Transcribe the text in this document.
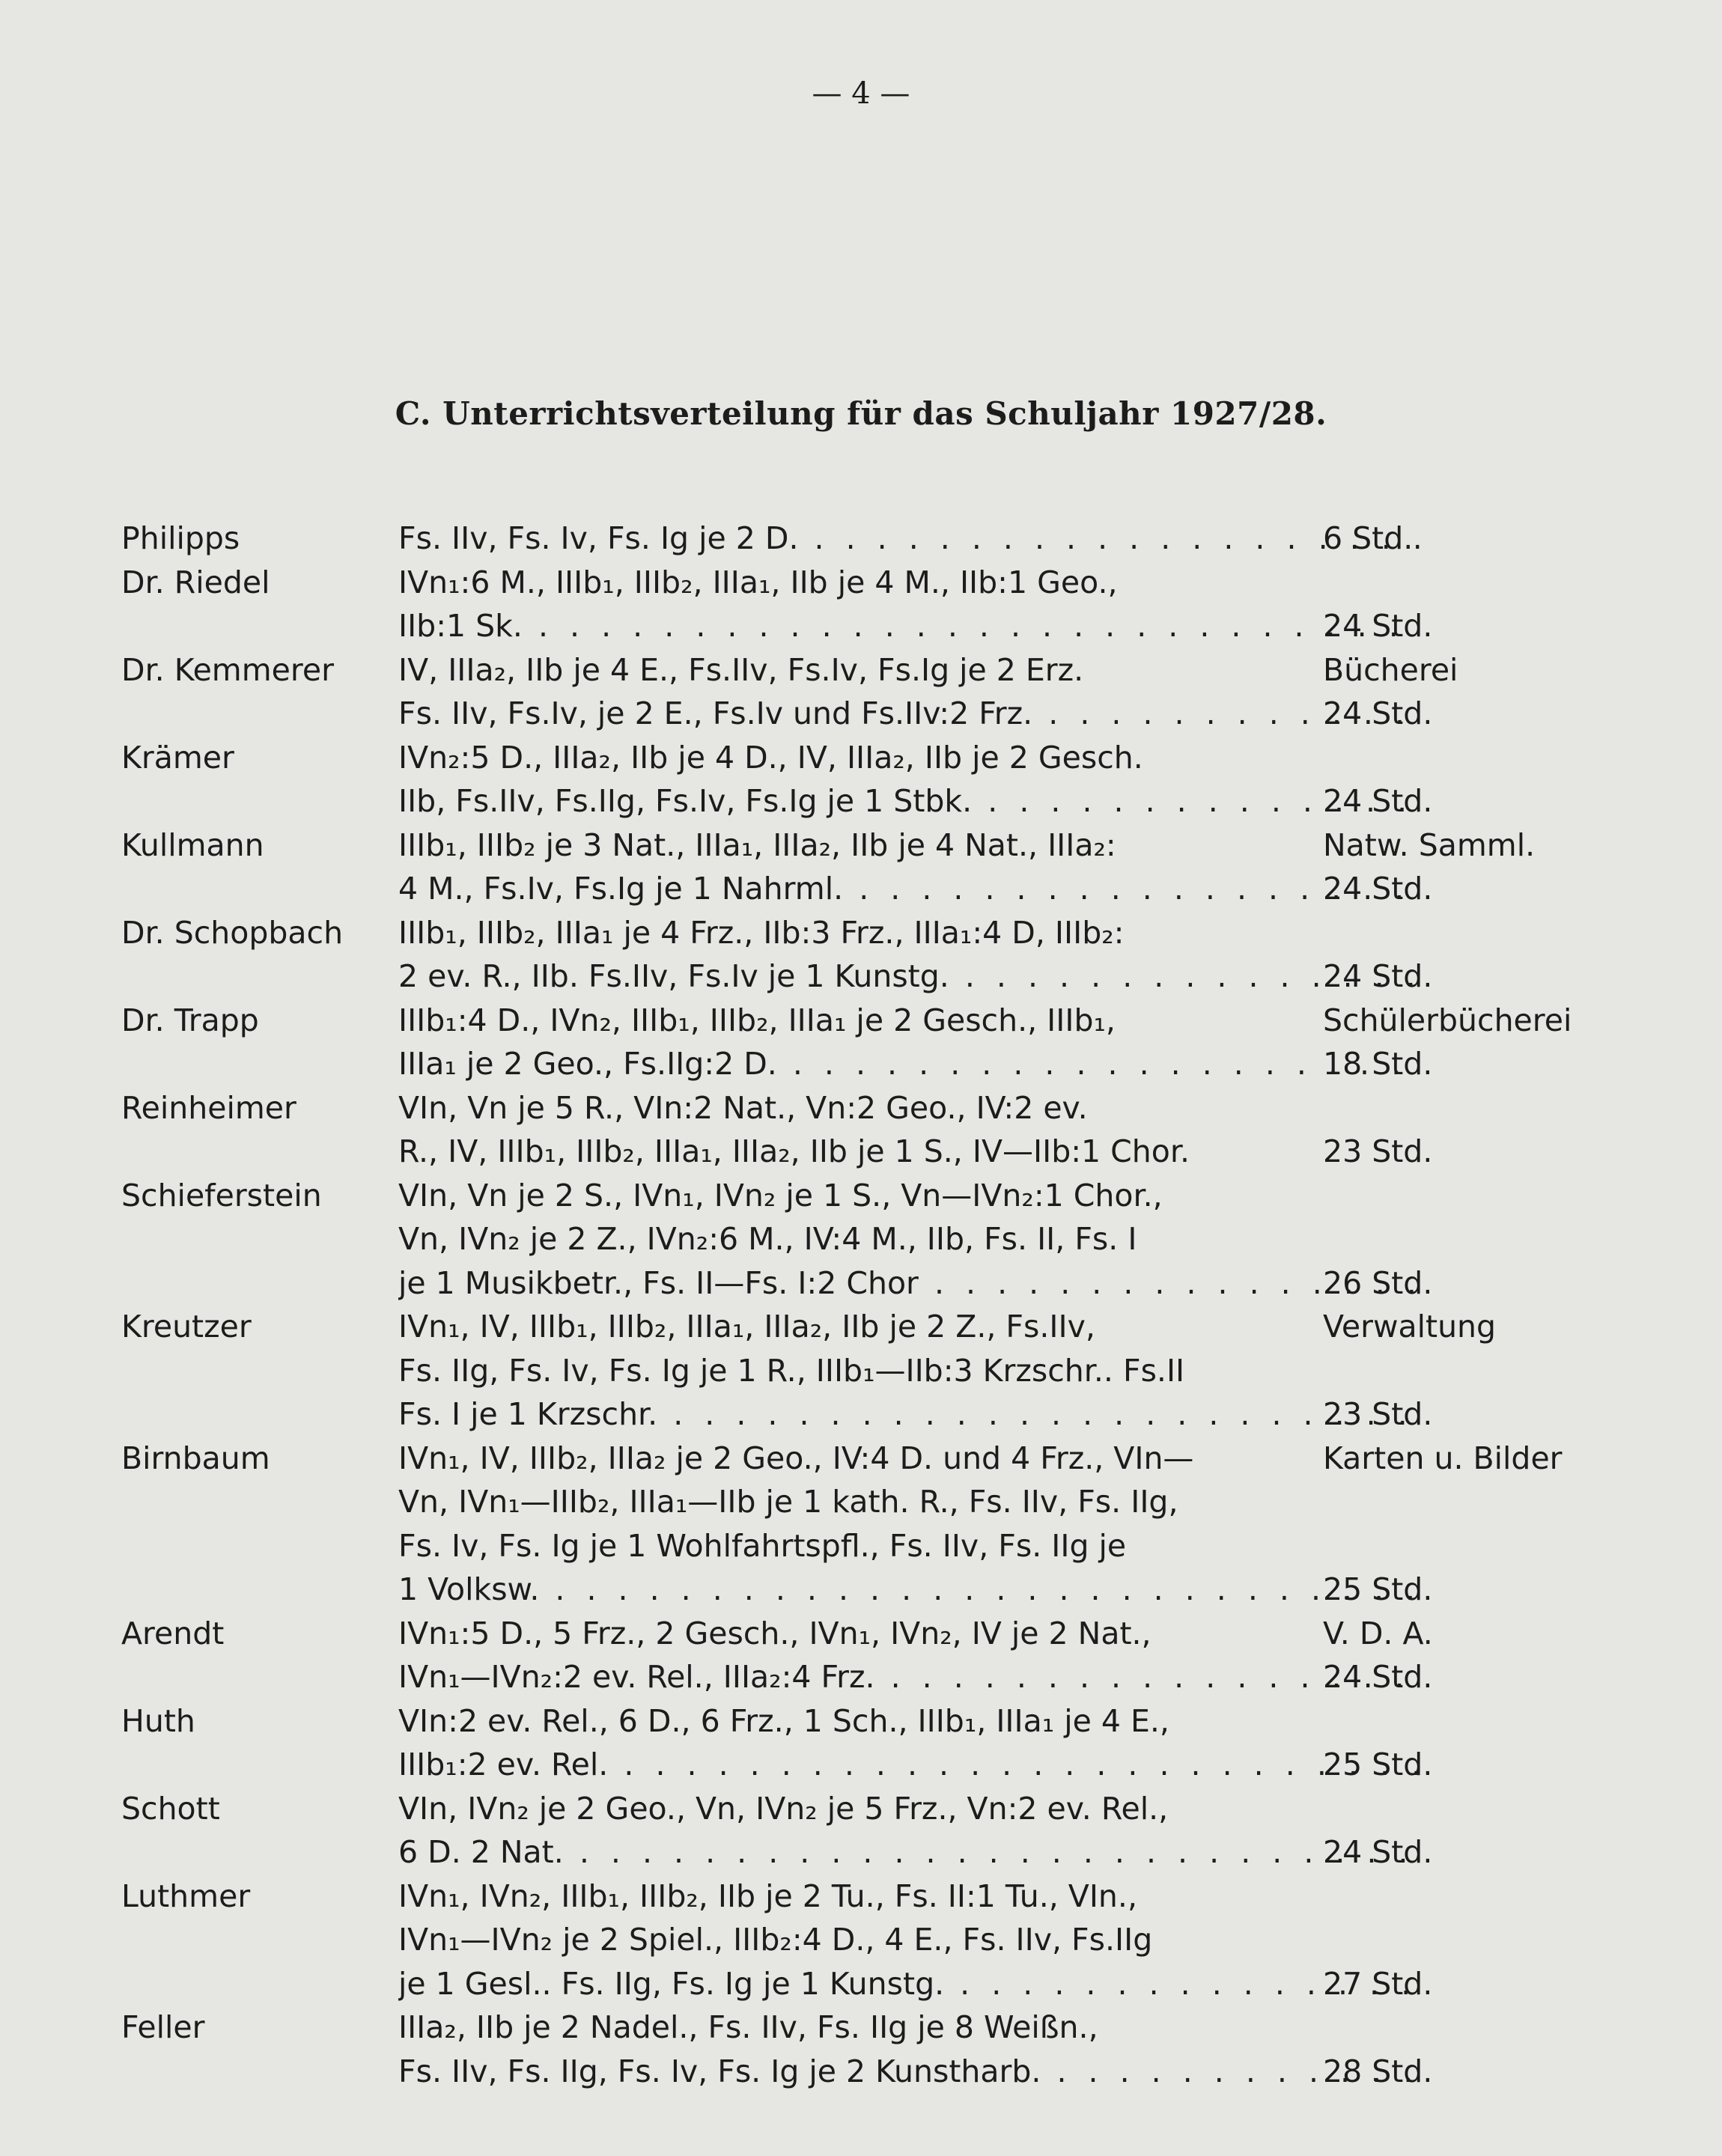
— 4 —
C. Unterrichtsverteilung für das Schuljahr 1927/28.
Philipps	Fs. IIv, Fs. Iv, Fs. Ig je 2 D. . . .	6 Std.
Dr. Riedel	IVn₁:6 M., IIIb₁, IIIb₂, IIIa₁, IIb je 4 M., IIb:1 Geo.,
IIb:1 Sk. . . .	24 Std.
Dr. Kemmerer	IV, IIIa₂, IIb je 4 E., Fs.IIv, Fs.Iv, Fs.Ig je 2 Erz.	Bücherei
Fs. IIv, Fs.Iv, je 2 E., Fs.Iv und Fs.IIv:2 Frz. . . .	24 Std.
Krämer	IVn₂:5 D., IIIa₂, IIb je 4 D., IV, IIIa₂, IIb je 2 Gesch.
IIb, Fs.IIv, Fs.IIg, Fs.Iv, Fs.Ig je 1 Stbk. . . .	24 Std.
Kullmann	IIIb₁, IIIb₂ je 3 Nat., IIIa₁, IIIa₂, IIb je 4 Nat., IIIa₂:	Natw. Samml.
4 M., Fs.Iv, Fs.Ig je 1 Nahrml. . . .	24 Std.
Dr. Schopbach	IIIb₁, IIIb₂, IIIa₁ je 4 Frz., IIb:3 Frz., IIIa₁:4 D, IIIb₂:
2 ev. R., IIb. Fs.IIv, Fs.Iv je 1 Kunstg. . . .	24 Std.
Dr. Trapp	IIIb₁:4 D., IVn₂, IIIb₁, IIIb₂, IIIa₁ je 2 Gesch., IIIb₁,	Schülerbücherei
IIIa₁ je 2 Geo., Fs.IIg:2 D. . . .	18 Std.
Reinheimer	VIn, Vn je 5 R., VIn:2 Nat., Vn:2 Geo., IV:2 ev.
R., IV, IIIb₁, IIIb₂, IIIa₁, IIIa₂, IIb je 1 S., IV—IIb:1 Chor.	23 Std.
Schieferstein	VIn, Vn je 2 S., IVn₁, IVn₂ je 1 S., Vn—IVn₂:1 Chor.,
Vn, IVn₂ je 2 Z., IVn₂:6 M., IV:4 M., IIb, Fs. II, Fs. I
je 1 Musikbetr., Fs. II—Fs. I:2 Chor . . .	26 Std.
Kreutzer	IVn₁, IV, IIIb₁, IIIb₂, IIIa₁, IIIa₂, IIb je 2 Z., Fs.IIv,	Verwaltung
Fs. IIg, Fs. Iv, Fs. Ig je 1 R., IIIb₁—IIb:3 Krzschr.. Fs.II
Fs. I je 1 Krzschr. . . .	23 Std.
Birnbaum	IVn₁, IV, IIIb₂, IIIa₂ je 2 Geo., IV:4 D. und 4 Frz., VIn—	Karten u. Bilder
Vn, IVn₁—IIIb₂, IIIa₁—IIb je 1 kath. R., Fs. IIv, Fs. IIg,
Fs. Iv, Fs. Ig je 1 Wohlfahrtspfl., Fs. IIv, Fs. IIg je
1 Volksw. . . .	25 Std.
Arendt	IVn₁:5 D., 5 Frz., 2 Gesch., IVn₁, IVn₂, IV je 2 Nat.,	V. D. A.
IVn₁—IVn₂:2 ev. Rel., IIIa₂:4 Frz. . . .	24 Std.
Huth	VIn:2 ev. Rel., 6 D., 6 Frz., 1 Sch., IIIb₁, IIIa₁ je 4 E.,
IIIb₁:2 ev. Rel. . . .	25 Std.
Schott	VIn, IVn₂ je 2 Geo., Vn, IVn₂ je 5 Frz., Vn:2 ev. Rel.,
6 D. 2 Nat. . . .	24 Std.
Luthmer	IVn₁, IVn₂, IIIb₁, IIIb₂, IIb je 2 Tu., Fs. II:1 Tu., VIn.,
IVn₁—IVn₂ je 2 Spiel., IIIb₂:4 D., 4 E., Fs. IIv, Fs.IIg
je 1 Gesl.. Fs. IIg, Fs. Ig je 1 Kunstg. . . .	27 Std.
Feller	IIIa₂, IIb je 2 Nadel., Fs. IIv, Fs. IIg je 8 Weißn.,
Fs. IIv, Fs. IIg, Fs. Iv, Fs. Ig je 2 Kunstharb. . . .	28 Std.
